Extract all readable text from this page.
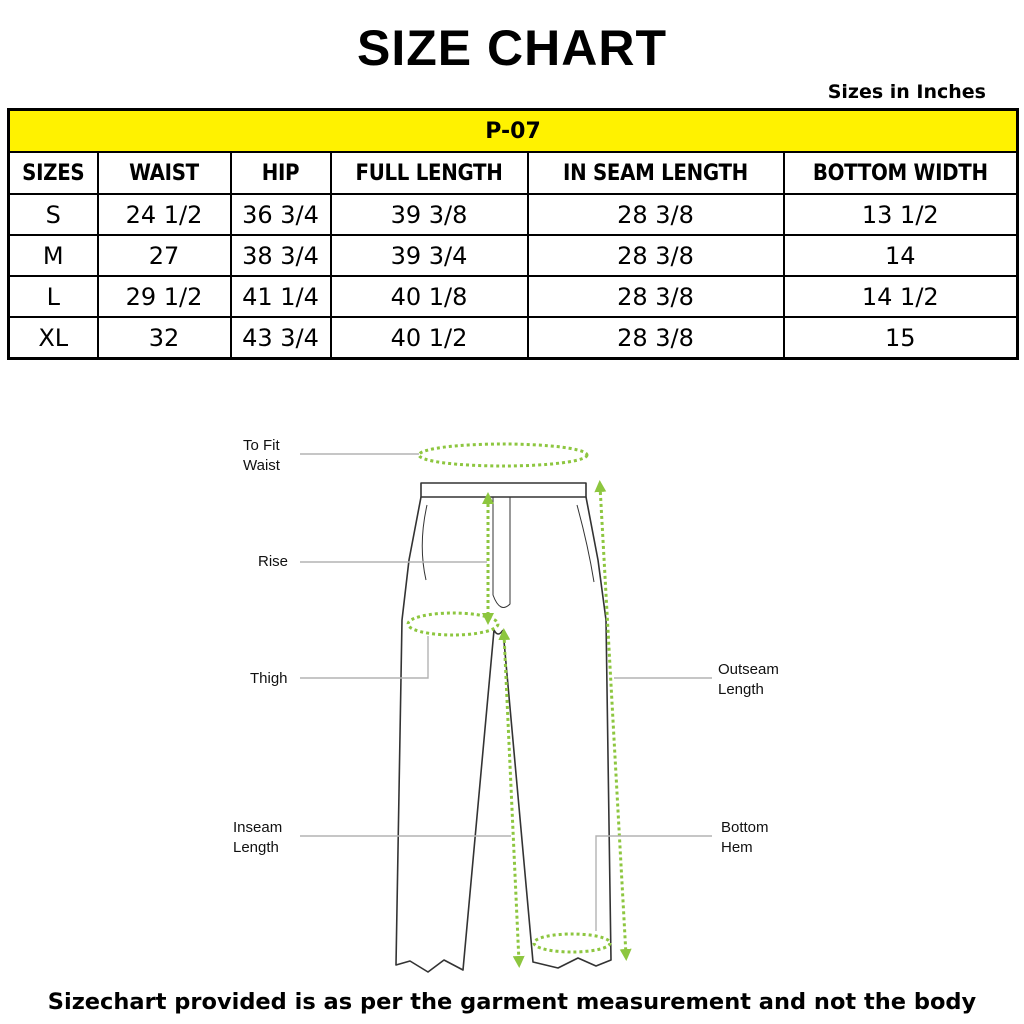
SIZE CHART
Sizes in Inches
P-07					
SIZES	WAIST	HIP	FULL LENGTH	IN SEAM LENGTH	BOTTOM WIDTH
S	24 1/2	36 3/4	39 3/8	28 3/8	13 1/2
M	27	38 3/4	39 3/4	28 3/8	14
L	29 1/2	41 1/4	40 1/8	28 3/8	14 1/2
XL	32	43 3/4	40 1/2	28 3/8	15
To Fit Waist
Rise
Thigh
Inseam Length
Outseam Length
Bottom Hem
Sizechart provided is as per the garment measurement and not the body
